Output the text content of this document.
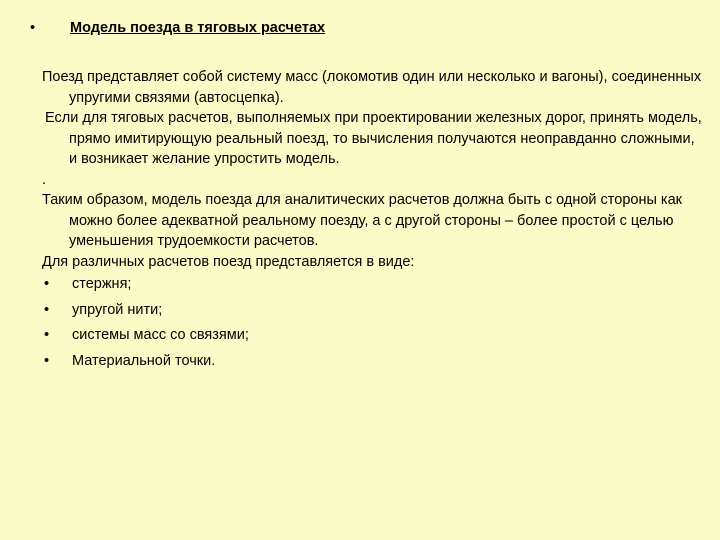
• Модель поезда в тяговых расчетах

Поезд представляет собой систему масс (локомотив один или несколько и вагоны), соединенных упругими связями (автосцепка).

Если для тяговых расчетов, выполняемых при проектировании железных дорог, принять модель, прямо имитирующую реальный поезд, то вычисления получаются неоправданно сложными, и возникает желание упростить модель.

.

Таким образом, модель поезда для аналитических расчетов должна быть с одной стороны как можно более адекватной реальному поезду, а с другой стороны – более простой с целью уменьшения трудоемкости расчетов.

Для различных расчетов поезд представляется в виде:

• стержня;
• упругой нити;
• системы масс со связями;
• Материальной точки.
